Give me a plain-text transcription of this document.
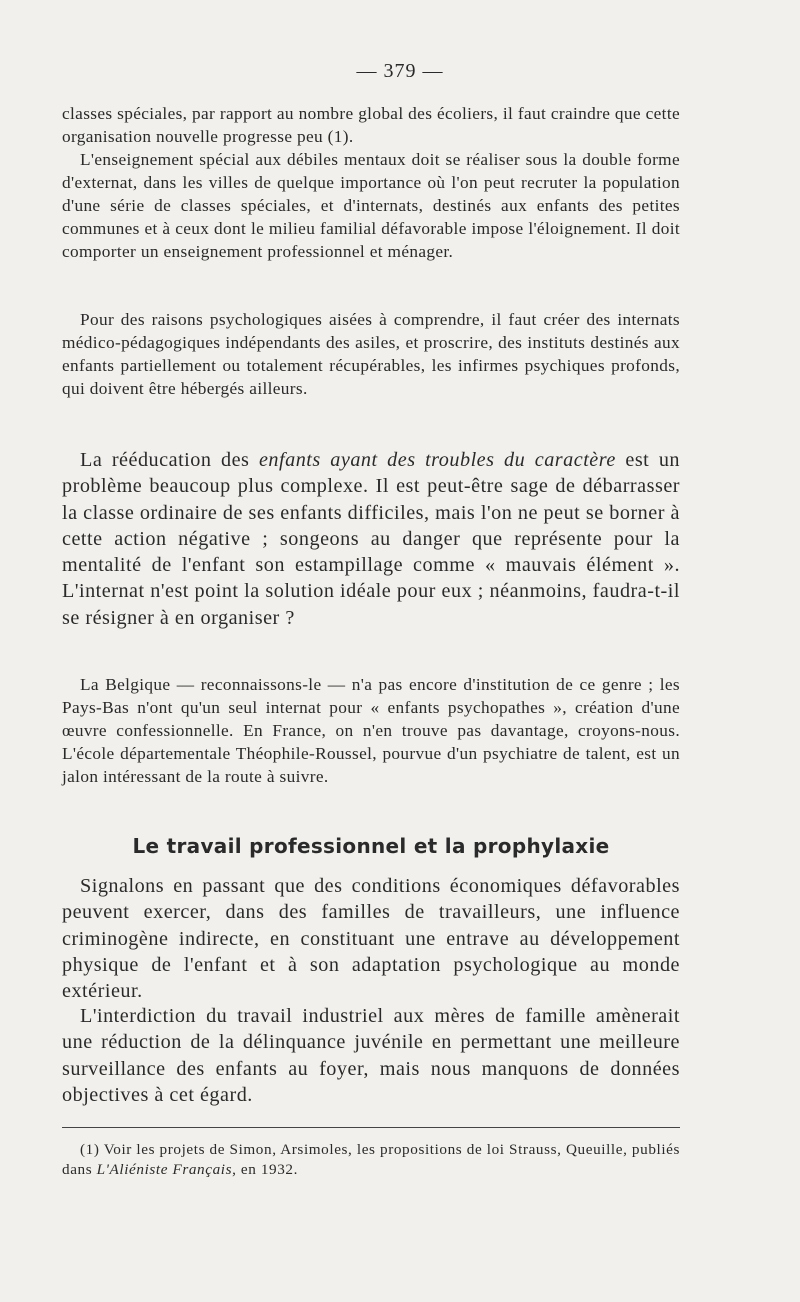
— 379 —

classes spéciales, par rapport au nombre global des écoliers, il faut craindre que cette organisation nouvelle progresse peu (1).

L'enseignement spécial aux débiles mentaux doit se réaliser sous la double forme d'externat, dans les villes de quelque importance où l'on peut recruter la population d'une série de classes spéciales, et d'internats, destinés aux enfants des petites communes et à ceux dont le milieu familial défavorable impose l'éloignement. Il doit comporter un enseignement professionnel et ménager.

Pour des raisons psychologiques aisées à comprendre, il faut créer des internats médico-pédagogiques indépendants des asiles, et proscrire, des instituts destinés aux enfants partiellement ou totalement récupérables, les infirmes psychiques profonds, qui doivent être hébergés ailleurs.

La rééducation des enfants ayant des troubles du caractère est un problème beaucoup plus complexe. Il est peut-être sage de débarrasser la classe ordinaire de ses enfants difficiles, mais l'on ne peut se borner à cette action négative ; songeons au danger que représente pour la mentalité de l'enfant son estampillage comme « mauvais élément ». L'internat n'est point la solution idéale pour eux ; néanmoins, faudra-t-il se résigner à en organiser ?

La Belgique — reconnaissons-le — n'a pas encore d'institution de ce genre ; les Pays-Bas n'ont qu'un seul internat pour « enfants psychopathes », création d'une œuvre confessionnelle. En France, on n'en trouve pas davantage, croyons-nous. L'école départementale Théophile-Roussel, pourvue d'un psychiatre de talent, est un jalon intéressant de la route à suivre.

Le travail professionnel et la prophylaxie

Signalons en passant que des conditions économiques défavorables peuvent exercer, dans des familles de travailleurs, une influence criminogène indirecte, en constituant une entrave au développement physique de l'enfant et à son adaptation psychologique au monde extérieur.

L'interdiction du travail industriel aux mères de famille amènerait une réduction de la délinquance juvénile en permettant une meilleure surveillance des enfants au foyer, mais nous manquons de données objectives à cet égard.

(1) Voir les projets de Simon, Arsimoles, les propositions de loi Strauss, Queuille, publiés dans L'Aliéniste Français, en 1932.
